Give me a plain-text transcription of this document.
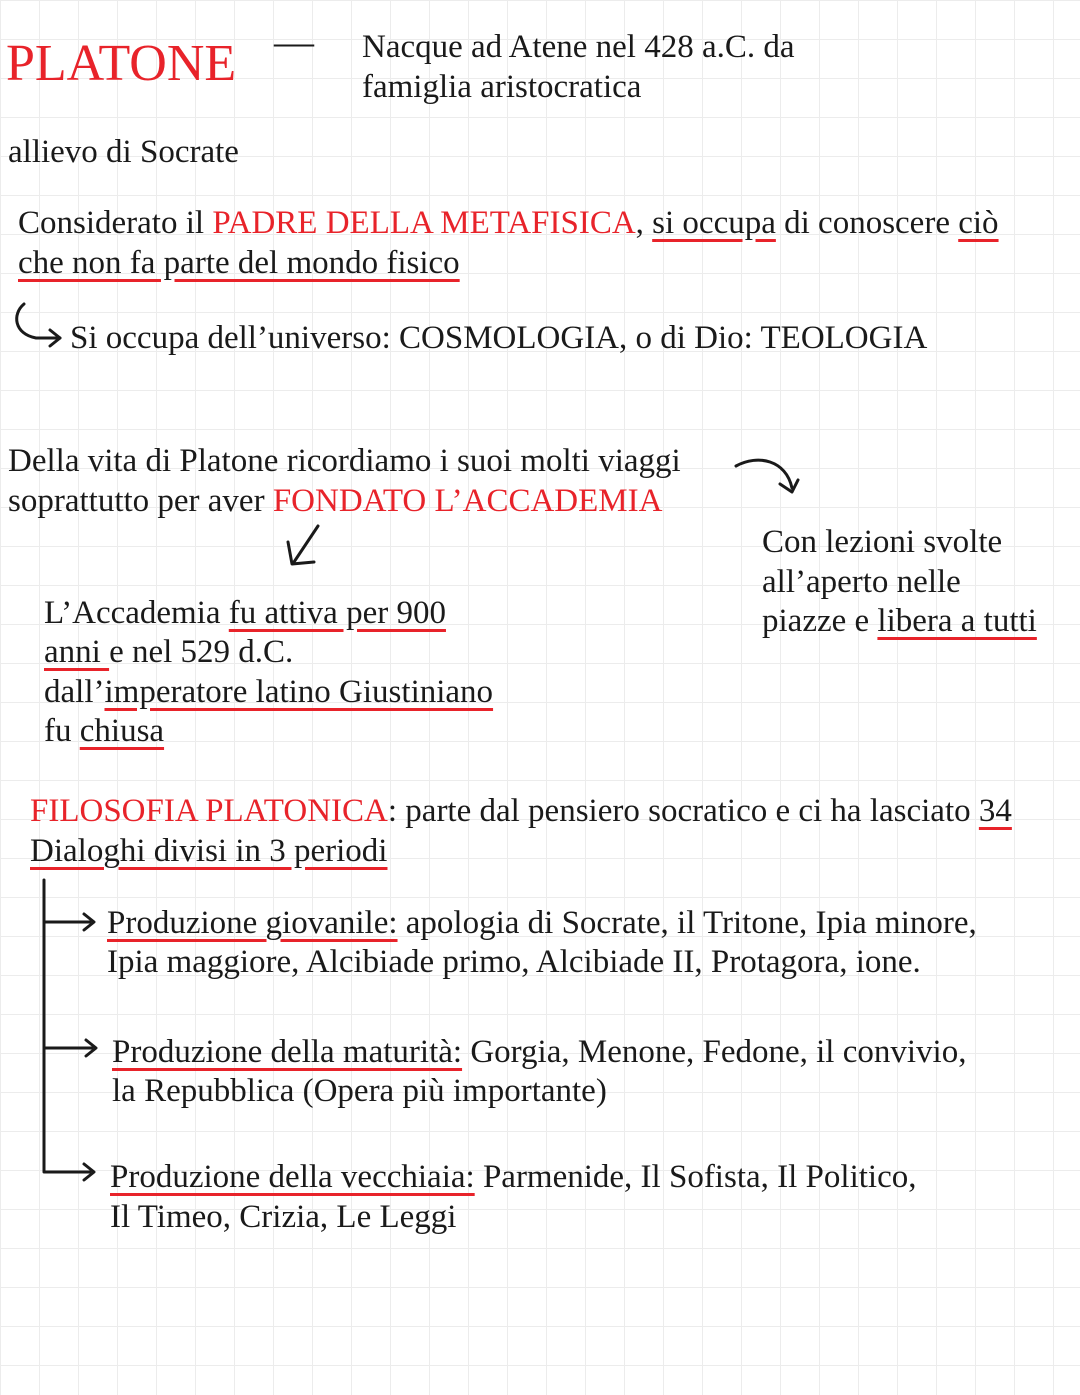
PLATONE — Nacque ad Atene nel 428 a.C. da
famiglia aristocratica
allievo di Socrate

Considerato il PADRE DELLA METAFISICA, si occupa di conoscere ciò

che non fa parte del mondo fisico

Si occupa dell’universo: COSMOLOGIA, o di Dio: TEOLOGIA
Della vita di Platone ricordiamo i suoi molti viaggi

soprattutto per aver FONDATO L’ACCADEMIA

Con lezioni svolte
all’aperto nelle

piazze e libera a tutti

L’Accademia fu attiva per 900

anni e nel 529 d.C.

dall’imperatore latino Giustiniano

fu chiusa

FILOSOFIA PLATONICA: parte dal pensiero socratico e ci ha lasciato 34

Dialoghi divisi in 3 periodi

Produzione giovanile: apologia di Socrate, il Tritone, Ipia minore,

Ipia maggiore, Alcibiade primo, Alcibiade II, Protagora, ione.

Produzione della maturità: Gorgia, Menone, Fedone, il convivio,

la Repubblica (Opera più importante)

Produzione della vecchiaia: Parmenide, Il Sofista, Il Politico,

Il Timeo, Crizia, Le Leggi
